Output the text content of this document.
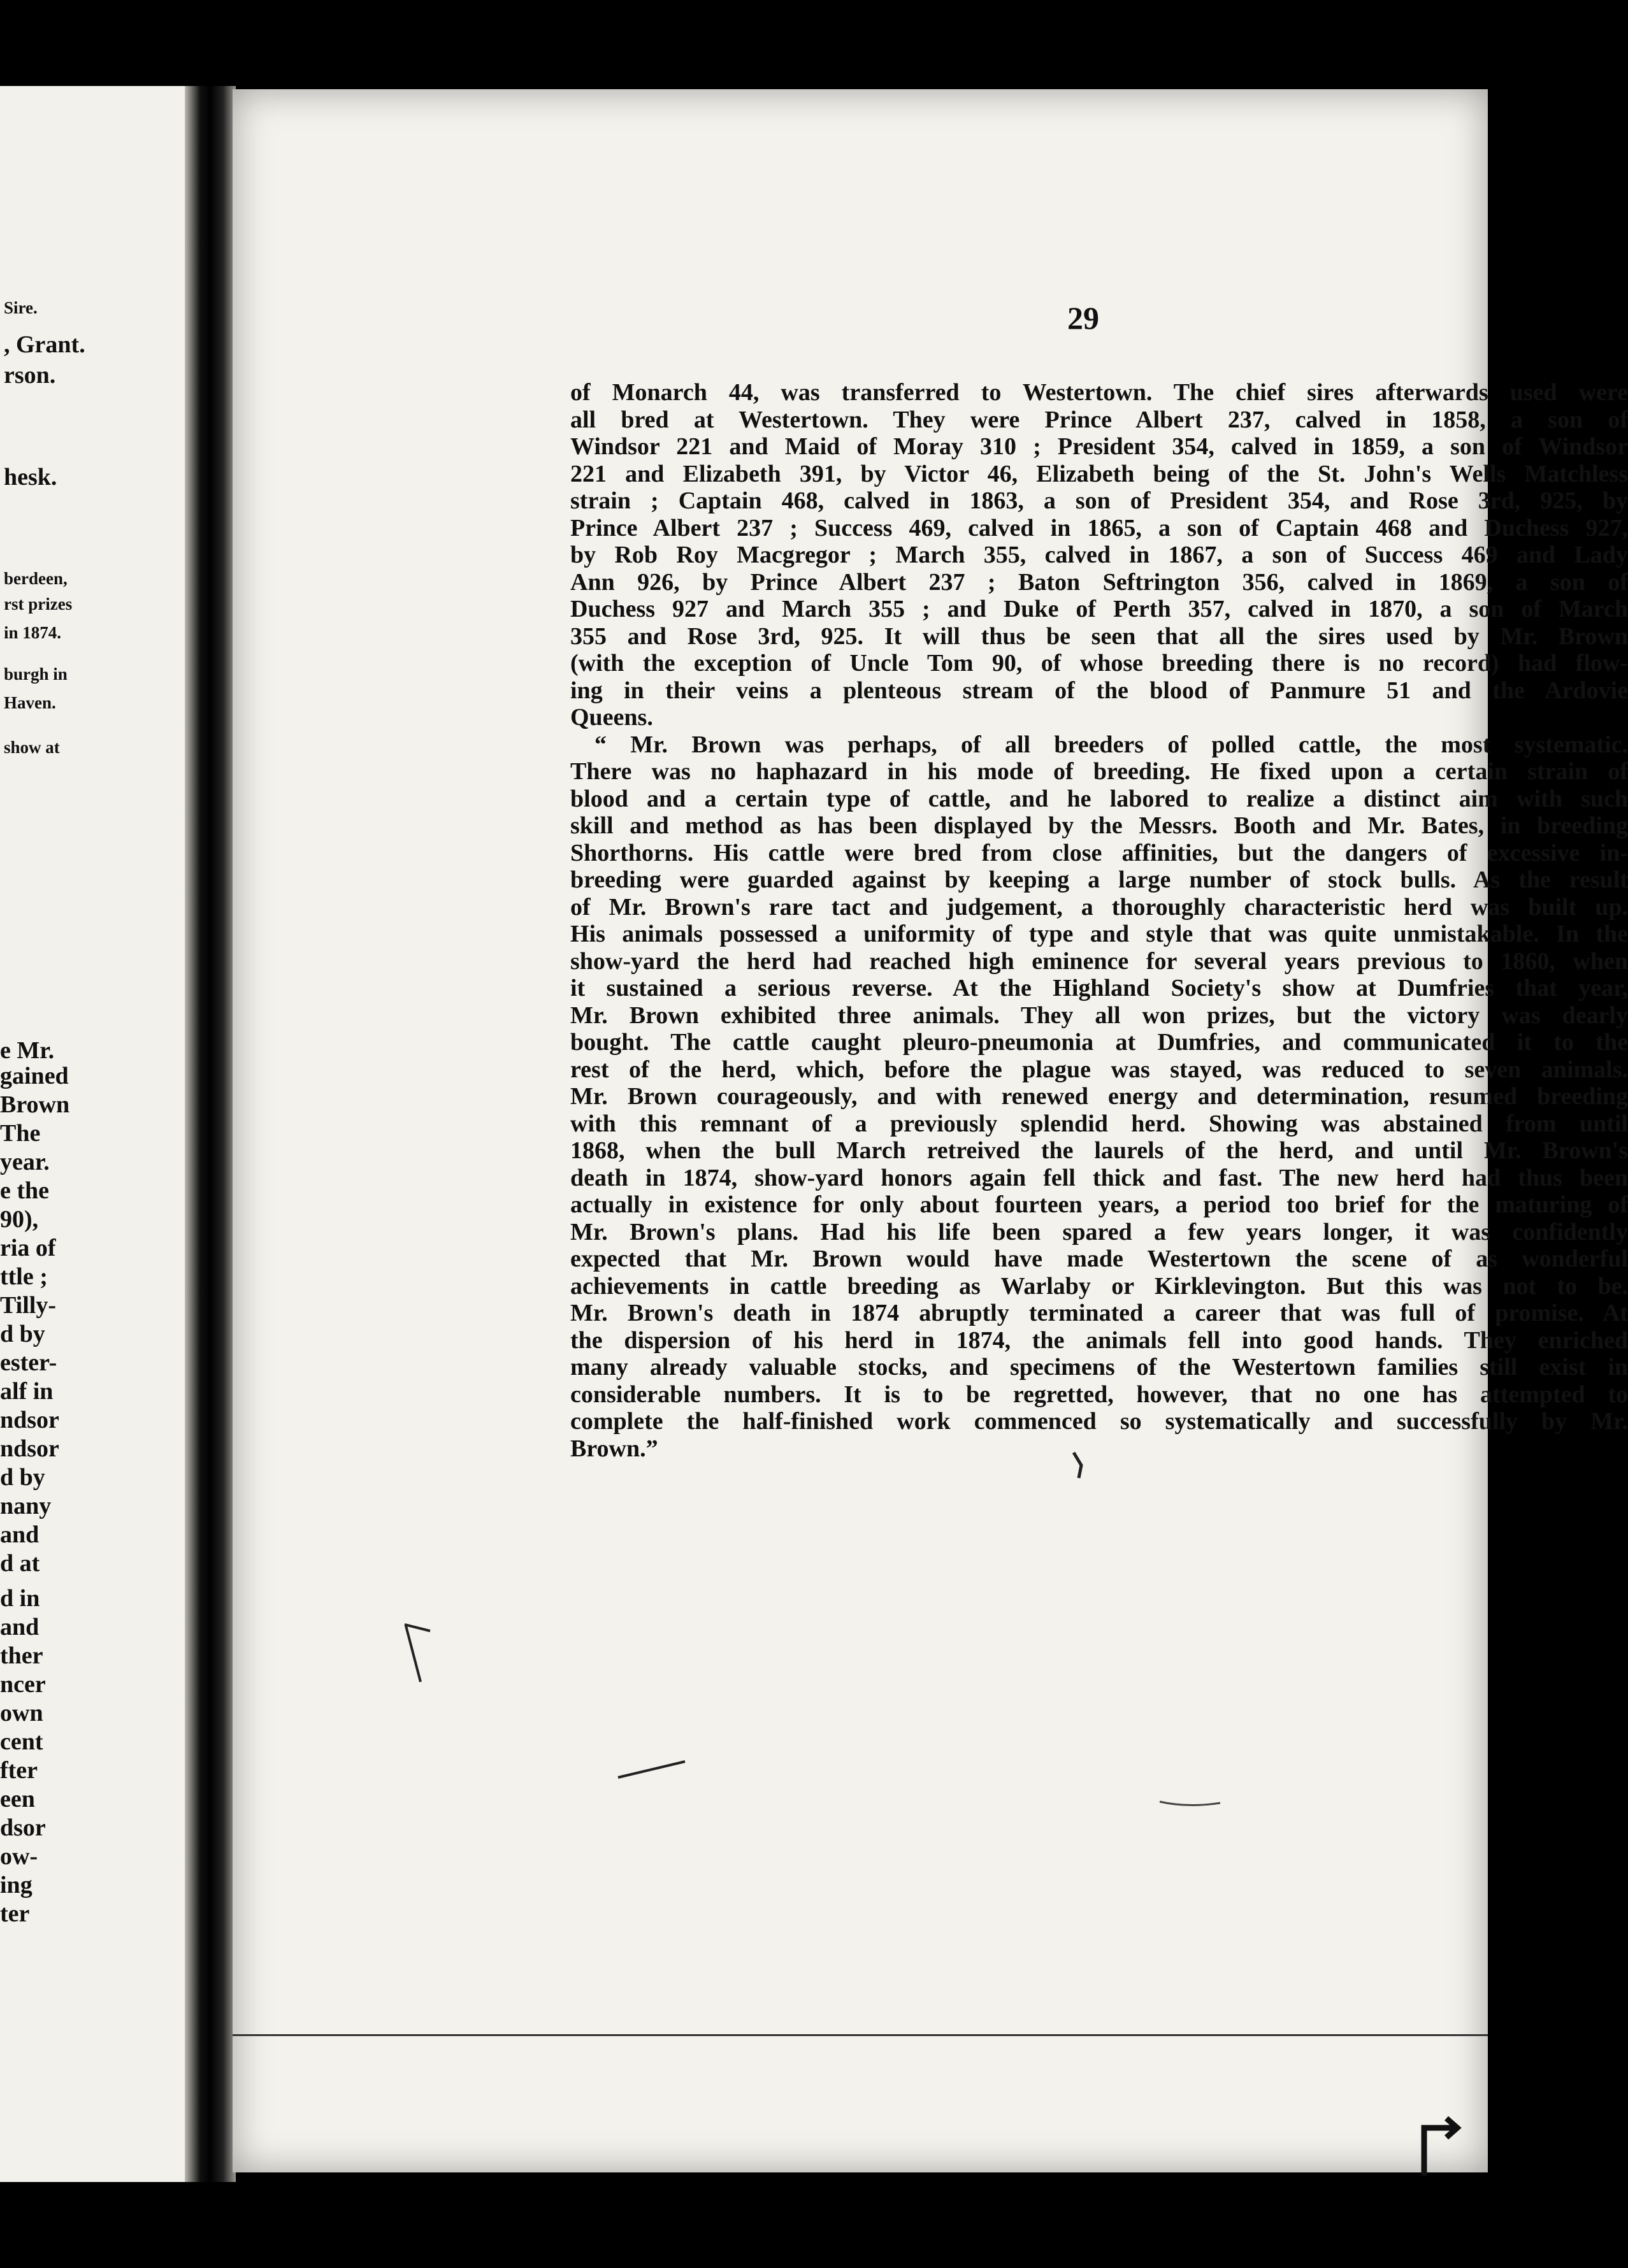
Sire.
, Grant.
rson.
hesk.
berdeen,
rst prizes
in 1874.
burgh in
Haven.
show at
e Mr.
gained
Brown
The
year.
e the
90),
ria of
ttle ;
Tilly-
d by
ester-
alf in
ndsor
ndsor
d by
nany
and
d at
d in
and
ther
ncer
own
cent
fter
een
dsor
ow-
ing
ter
29
of Monarch 44, was transferred to Westertown. The chief sires afterwards used were
all bred at Westertown. They were Prince Albert 237, calved in 1858, a son of
Windsor 221 and Maid of Moray 310 ; President 354, calved in 1859, a son of Windsor
221 and Elizabeth 391, by Victor 46, Elizabeth being of the St. John's Wells Matchless
strain ; Captain 468, calved in 1863, a son of President 354, and Rose 3rd, 925, by
Prince Albert 237 ; Success 469, calved in 1865, a son of Captain 468 and Duchess 927,
by Rob Roy Macgregor ; March 355, calved in 1867, a son of Success 469 and Lady
Ann 926, by Prince Albert 237 ; Baton Seftrington 356, calved in 1869, a son of
Duchess 927 and March 355 ; and Duke of Perth 357, calved in 1870, a son of March
355 and Rose 3rd, 925. It will thus be seen that all the sires used by Mr. Brown
(with the exception of Uncle Tom 90, of whose breeding there is no record) had flow-
ing in their veins a plenteous stream of the blood of Panmure 51 and the Ardovie
Queens.
“ Mr. Brown was perhaps, of all breeders of polled cattle, the most systematic.
There was no haphazard in his mode of breeding. He fixed upon a certain strain of
blood and a certain type of cattle, and he labored to realize a distinct aim with such
skill and method as has been displayed by the Messrs. Booth and Mr. Bates, in breeding
Shorthorns. His cattle were bred from close affinities, but the dangers of excessive in-
breeding were guarded against by keeping a large number of stock bulls. As the result
of Mr. Brown's rare tact and judgement, a thoroughly characteristic herd was built up.
His animals possessed a uniformity of type and style that was quite unmistakable. In the
show-yard the herd had reached high eminence for several years previous to 1860, when
it sustained a serious reverse. At the Highland Society's show at Dumfries that year,
Mr. Brown exhibited three animals. They all won prizes, but the victory was dearly
bought. The cattle caught pleuro-pneumonia at Dumfries, and communicated it to the
rest of the herd, which, before the plague was stayed, was reduced to seven animals.
Mr. Brown courageously, and with renewed energy and determination, resumed breeding
with this remnant of a previously splendid herd. Showing was abstained from until
1868, when the bull March retreived the laurels of the herd, and until Mr. Brown's
death in 1874, show-yard honors again fell thick and fast. The new herd had thus been
actually in existence for only about fourteen years, a period too brief for the maturing of
Mr. Brown's plans. Had his life been spared a few years longer, it was confidently
expected that Mr. Brown would have made Westertown the scene of as wonderful
achievements in cattle breeding as Warlaby or Kirklevington. But this was not to be.
Mr. Brown's death in 1874 abruptly terminated a career that was full of promise. At
the dispersion of his herd in 1874, the animals fell into good hands. They enriched
many already valuable stocks, and specimens of the Westertown families still exist in
considerable numbers. It is to be regretted, however, that no one has attempted to
complete the half-finished work commenced so systematically and successfully by Mr.
Brown.”
